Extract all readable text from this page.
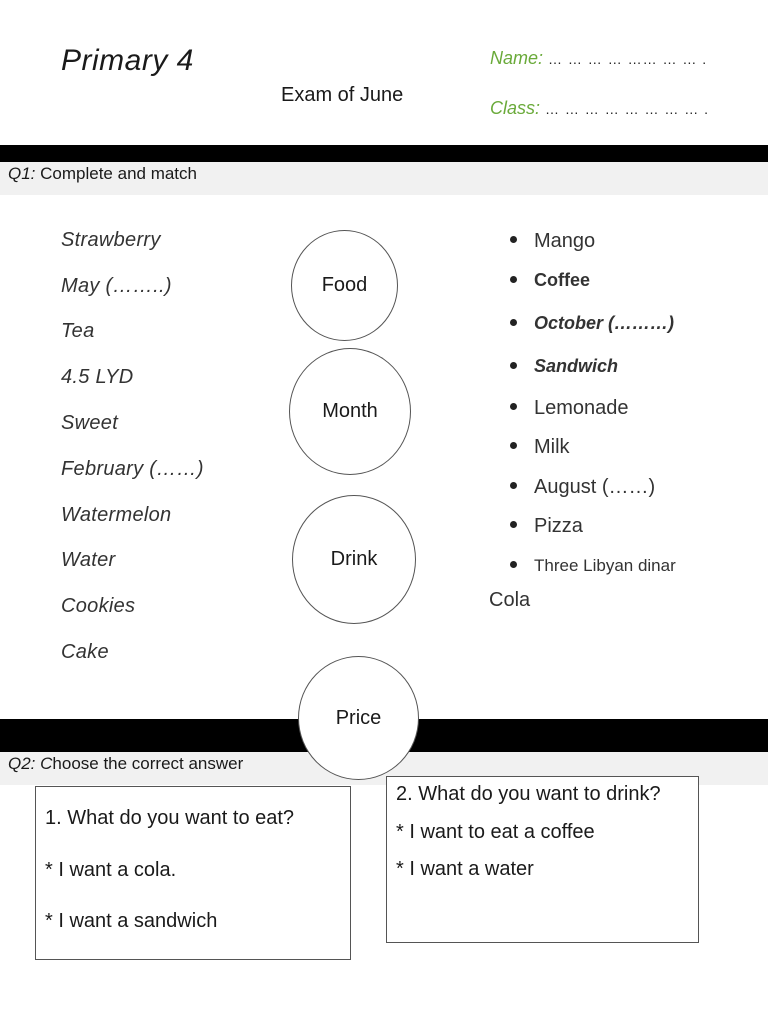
Primary 4
Exam of June
Name: … … … … …… … … .
Class: … … … … … … … … .
Q1: Complete and match
Strawberry
May (……..)
Tea
4.5 LYD
Sweet
February (……)
Watermelon
Water
Cookies
Cake
Food
Month
Drink
Mango
Coffee
October (………)
Sandwich
Lemonade
Milk
August (……)
Pizza
Three Libyan dinar
Cola
Q2: Choose the correct answer
Price
1. What do you want to eat?
* I want a cola.
* I want a sandwich
2. What do you want to drink?
* I want to eat a coffee
* I want a water
